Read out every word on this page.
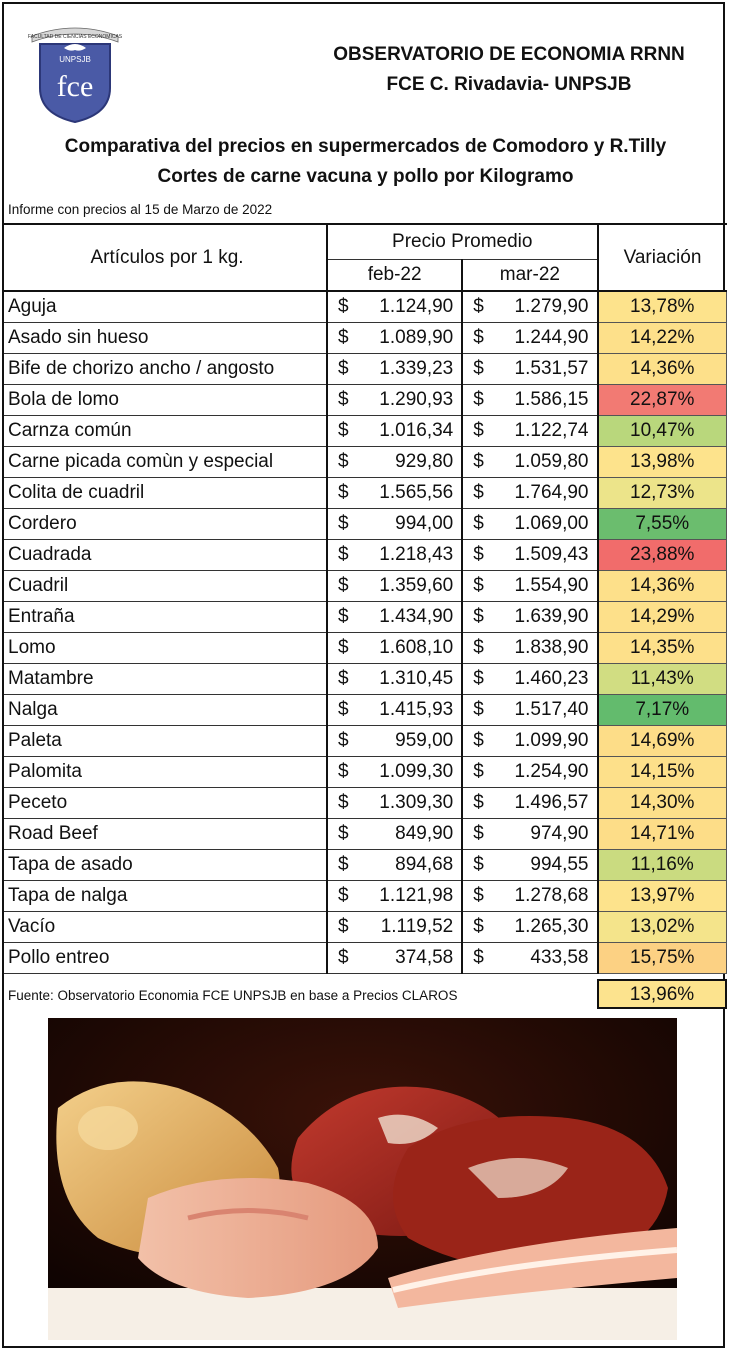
FACULTAD DE CIENCIAS ECONOMICAS
UNPSJB
fce
OBSERVATORIO DE ECONOMIA RRNN
FCE C. Rivadavia- UNPSJB
Comparativa del precios en supermercados de Comodoro y R.Tilly
Cortes de carne vacuna y pollo por Kilogramo
Informe con precios al 15 de Marzo de 2022
Artículos por 1 kg.	Precio Promedio		Variación
	feb-22	mar-22	
Aguja	$ 1.124,90	$ 1.279,90	13,78%
Asado sin hueso	$ 1.089,90	$ 1.244,90	14,22%
Bife de chorizo ancho / angosto	$ 1.339,23	$ 1.531,57	14,36%
Bola de lomo	$ 1.290,93	$ 1.586,15	22,87%
Carnza común	$ 1.016,34	$ 1.122,74	10,47%
Carne picada comùn y especial	$ 929,80	$ 1.059,80	13,98%
Colita de cuadril	$ 1.565,56	$ 1.764,90	12,73%
Cordero	$ 994,00	$ 1.069,00	7,55%
Cuadrada	$ 1.218,43	$ 1.509,43	23,88%
Cuadril	$ 1.359,60	$ 1.554,90	14,36%
Entraña	$ 1.434,90	$ 1.639,90	14,29%
Lomo	$ 1.608,10	$ 1.838,90	14,35%
Matambre	$ 1.310,45	$ 1.460,23	11,43%
Nalga	$ 1.415,93	$ 1.517,40	7,17%
Paleta	$ 959,00	$ 1.099,90	14,69%
Palomita	$ 1.099,30	$ 1.254,90	14,15%
Peceto	$ 1.309,30	$ 1.496,57	14,30%
Road Beef	$ 849,90	$ 974,90	14,71%
Tapa de asado	$ 894,68	$ 994,55	11,16%
Tapa de nalga	$ 1.121,98	$ 1.278,68	13,97%
Vacío	$ 1.119,52	$ 1.265,30	13,02%
Pollo entreo	$ 374,58	$ 433,58	15,75%
Fuente: Observatorio Economia FCE UNPSJB en base a Precios CLAROS	13,96%
